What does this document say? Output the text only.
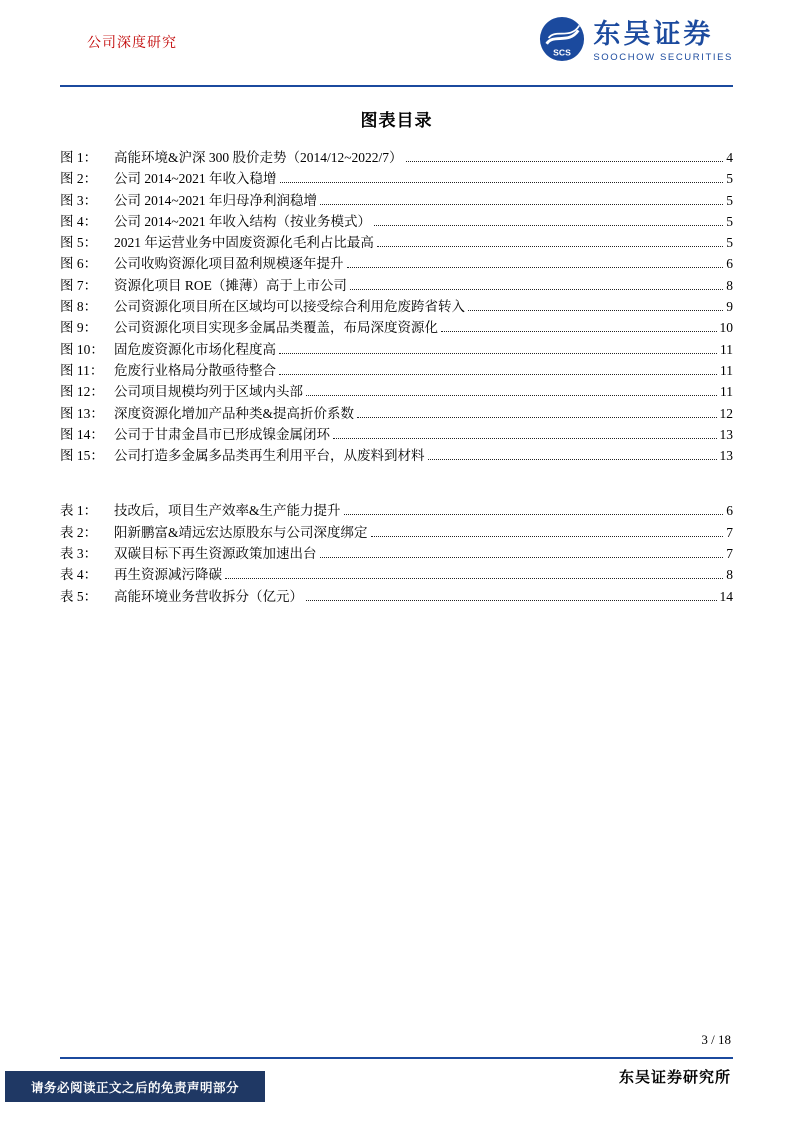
公司深度研究
SCS
东吴证券
SOOCHOW SECURITIES
图表目录
图 1：	高能环境&沪深 300 股价走势（2014/12~2022/7）	4
图 2：	公司 2014~2021 年收入稳增	5
图 3：	公司 2014~2021 年归母净利润稳增	5
图 4：	公司 2014~2021 年收入结构（按业务模式）	5
图 5：	2021 年运营业务中固废资源化毛利占比最高	5
图 6：	公司收购资源化项目盈利规模逐年提升	6
图 7：	资源化项目 ROE（摊薄）高于上市公司	8
图 8：	公司资源化项目所在区域均可以接受综合利用危废跨省转入	9
图 9：	公司资源化项目实现多金属品类覆盖，布局深度资源化	10
图 10： 固危废资源化市场化程度高	11
图 11： 危废行业格局分散亟待整合	11
图 12： 公司项目规模均列于区域内头部	11
图 13： 深度资源化增加产品种类&提高折价系数	12
图 14： 公司于甘肃金昌市已形成镍金属闭环	13
图 15： 公司打造多金属多品类再生利用平台，从废料到材料	13
表 1：	技改后，项目生产效率&生产能力提升	6
表 2：	阳新鹏富&靖远宏达原股东与公司深度绑定	7
表 3：	双碳目标下再生资源政策加速出台	7
表 4：	再生资源减污降碳	8
表 5：	高能环境业务营收拆分（亿元）	14
3 / 18
东吴证券研究所
请务必阅读正文之后的免责声明部分
